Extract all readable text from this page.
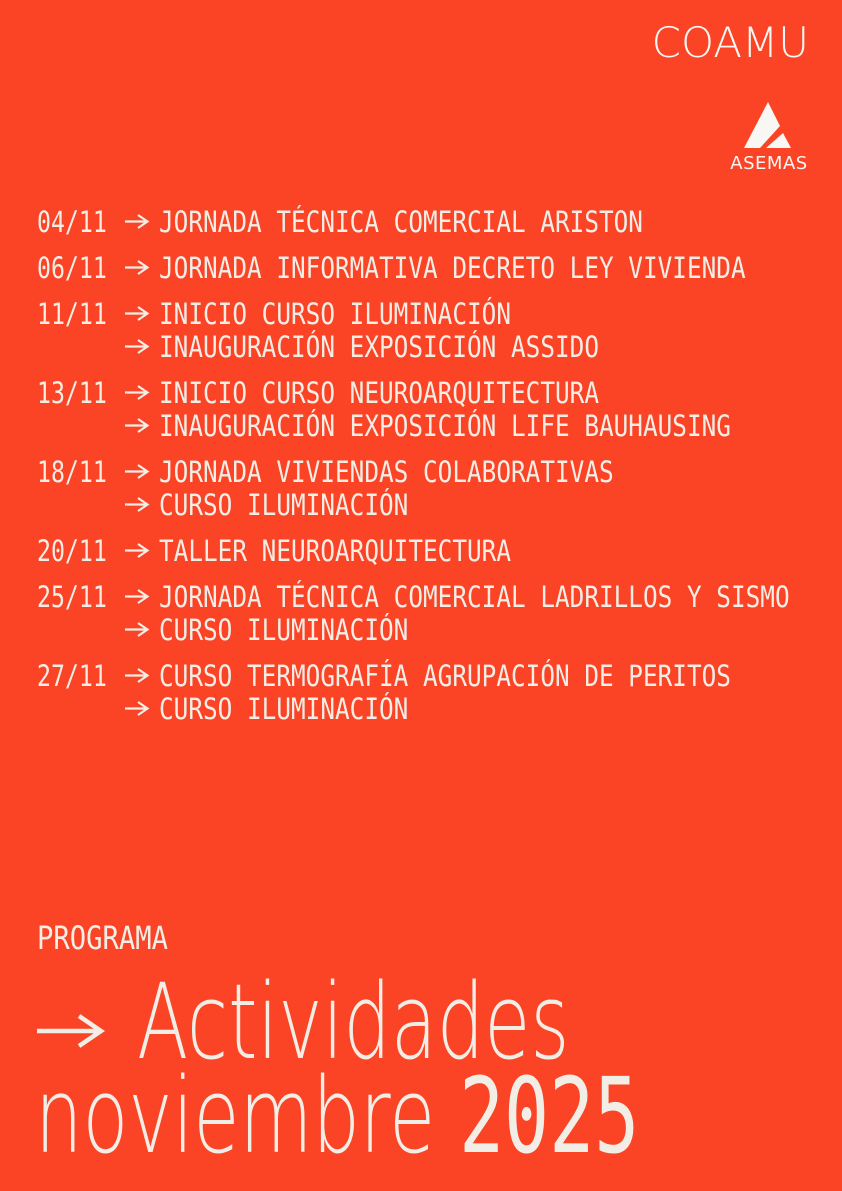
COAMU
ASEMAS
04/11 JORNADA TÉCNICA COMERCIAL ARISTON
06/11 JORNADA INFORMATIVA DECRETO LEY VIVIENDA
11/11 INICIO CURSO ILUMINACIÓN
INAUGURACIÓN EXPOSICIÓN ASSIDO
13/11 INICIO CURSO NEUROARQUITECTURA
INAUGURACIÓN EXPOSICIÓN LIFE BAUHAUSING
18/11 JORNADA VIVIENDAS COLABORATIVAS
CURSO ILUMINACIÓN
20/11 TALLER NEUROARQUITECTURA
25/11 JORNADA TÉCNICA COMERCIAL LADRILLOS Y SISMO
CURSO ILUMINACIÓN
27/11 CURSO TERMOGRAFÍA AGRUPACIÓN DE PERITOS
CURSO ILUMINACIÓN
PROGRAMA
Actividades
noviembre 2025
